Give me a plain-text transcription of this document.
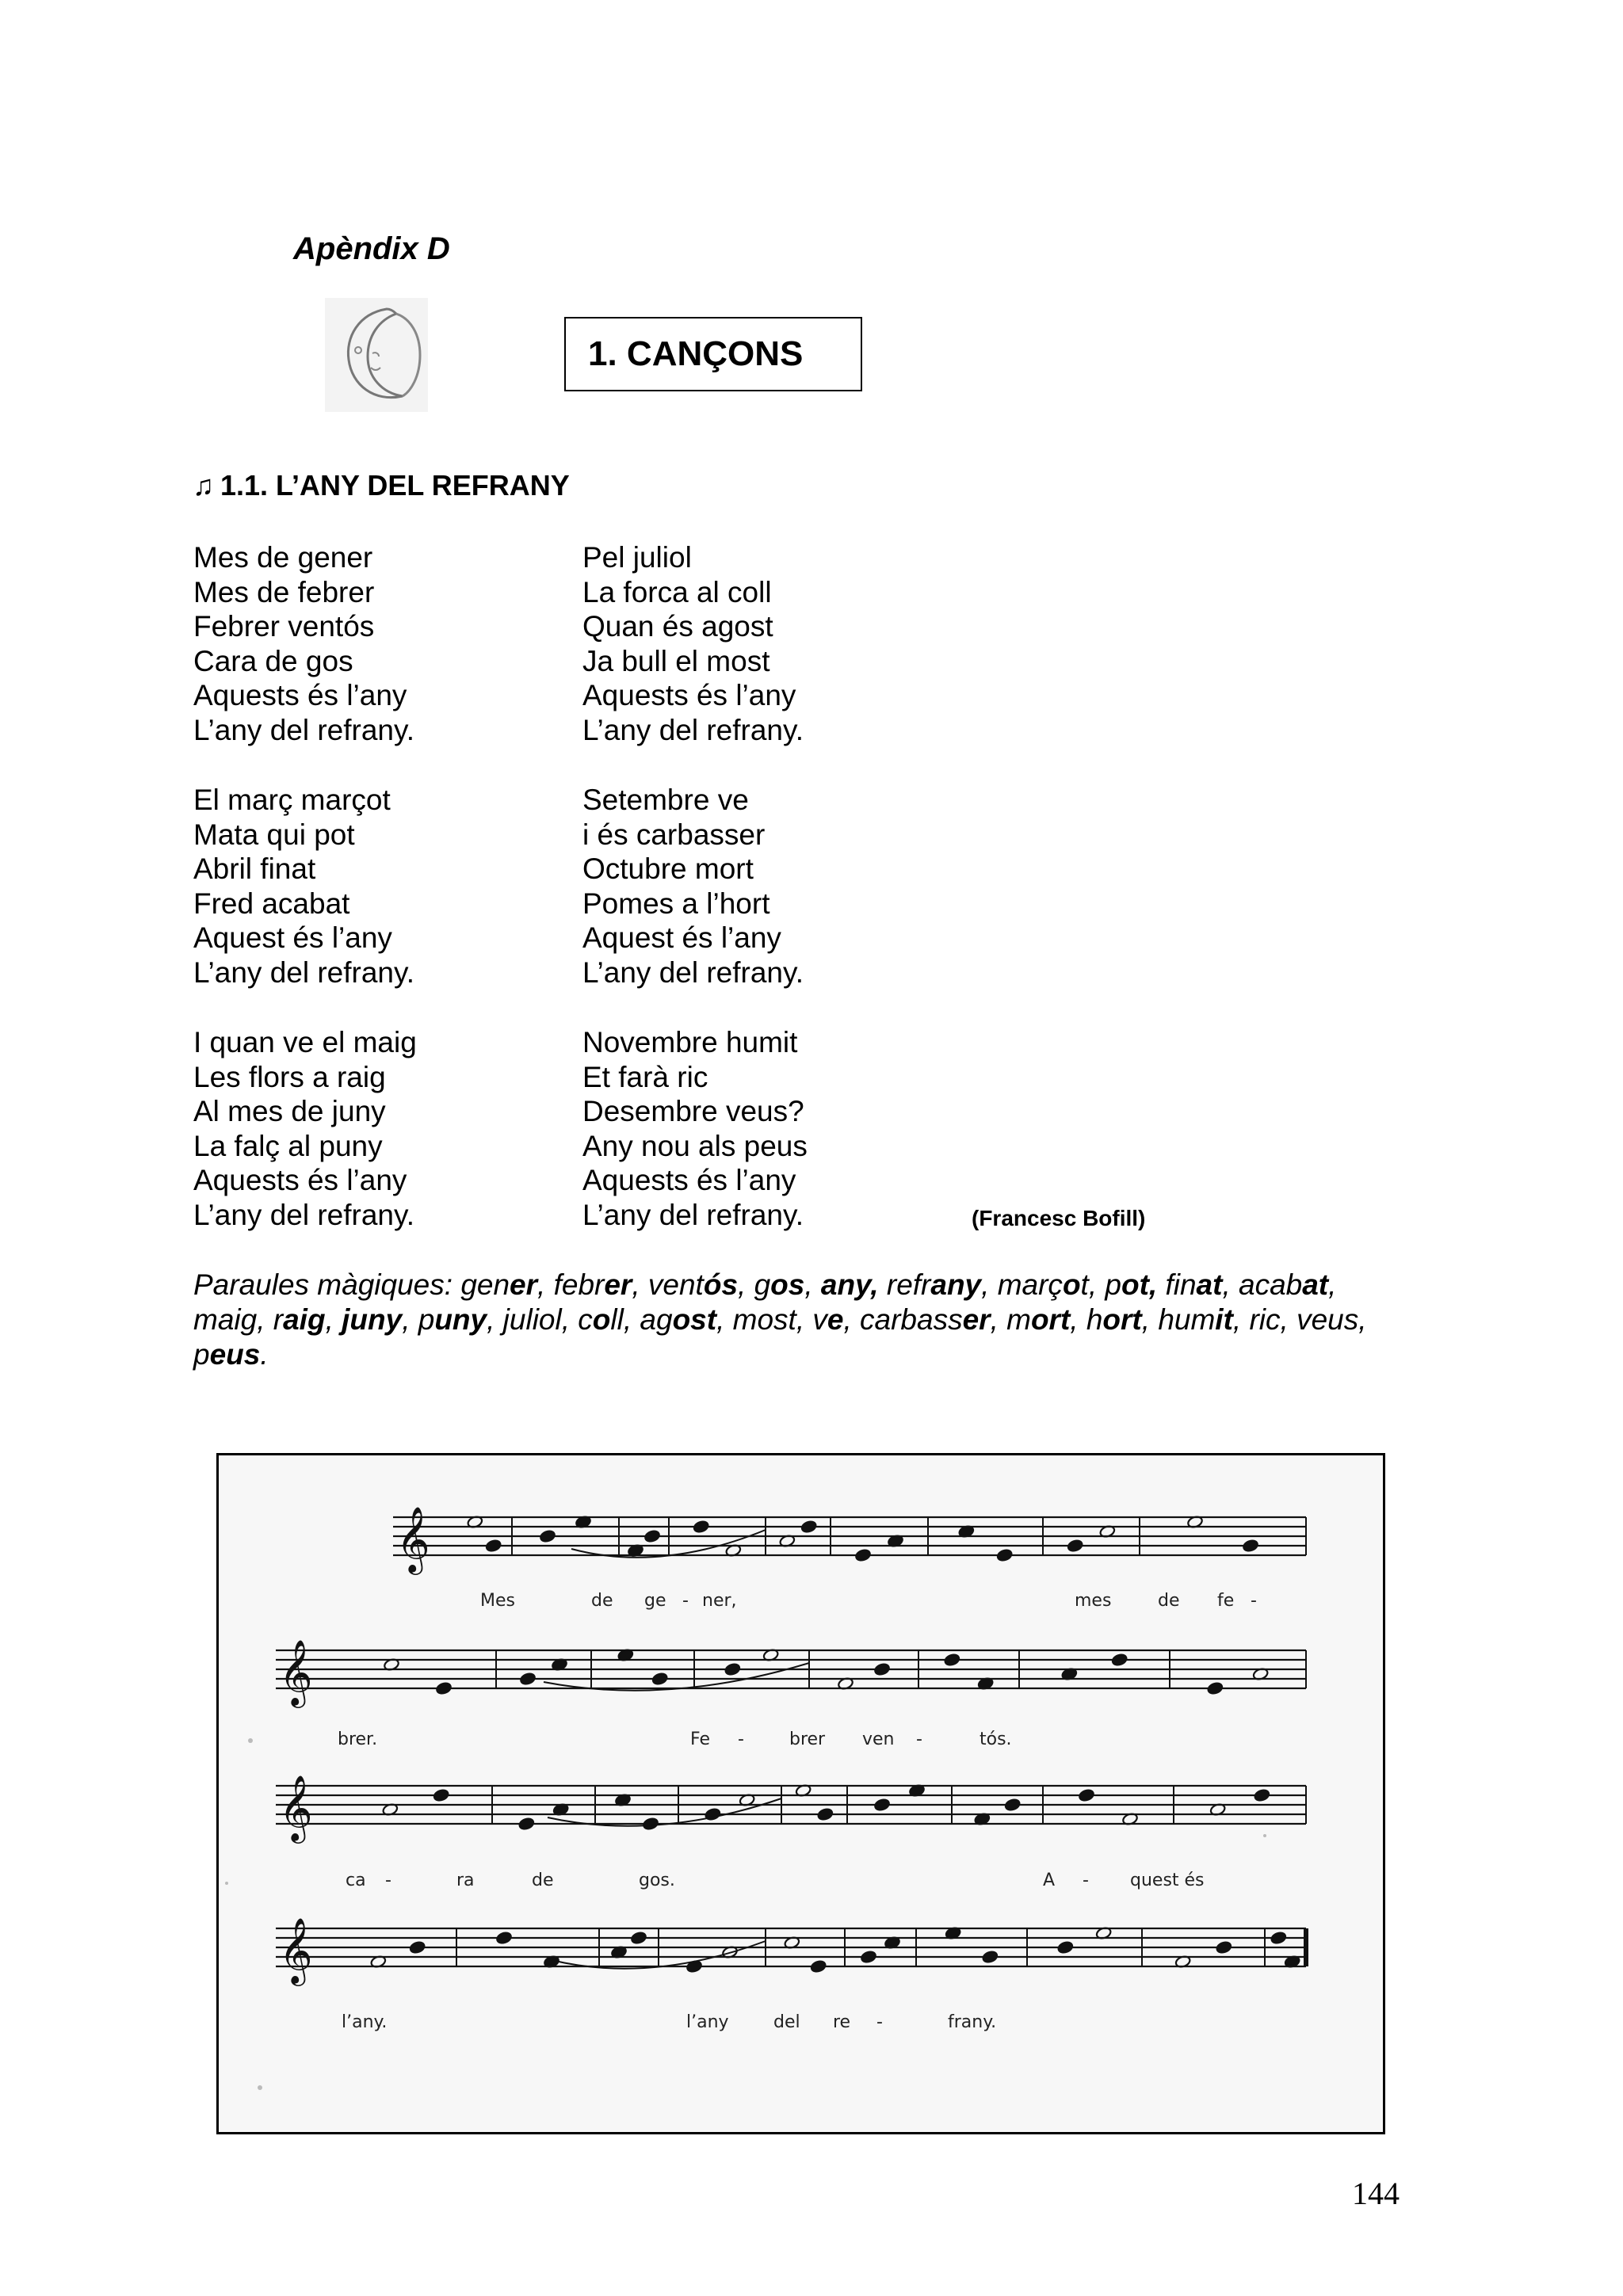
Apèndix D
1. CANÇONS
♫ 1.1. L’ANY DEL REFRANY
Mes de gener
Mes de febrer
Febrer ventós
Cara de gos
Aquests és l’any
L’any del refrany.
El març marçot
Mata qui pot
Abril finat
Fred acabat
Aquest és l’any
L’any del refrany.
I quan ve el maig
Les flors a raig
Al mes de juny
La falç al puny
Aquests és l’any
L’any del refrany.
Pel juliol
La forca al coll
Quan és agost
Ja bull el most
Aquests és l’any
L’any del refrany.
Setembre ve
i és carbasser
Octubre mort
Pomes a l’hort
Aquest és l’any
L’any del refrany.
Novembre humit
Et farà ric
Desembre veus?
Any nou als peus
Aquests és l’any
L’any del refrany.	(Francesc Bofill)
Paraules màgiques: gener, febrer, ventós, gos, any, refrany, marçot, pot, finat, acabat, maig, raig, juny, puny, juliol, coll, agost, most, ve, carbasser, mort, hort, humit, ric, veus, peus.
𝄞
𝄞
𝄞
𝄞
Mes	de ge - ner,	mes	de fe -
brer.	Fe -	brer ven -	tós.
ca -	ra	de	gos.	A - quest és
l’any.	l’any	del re -	frany.
144
